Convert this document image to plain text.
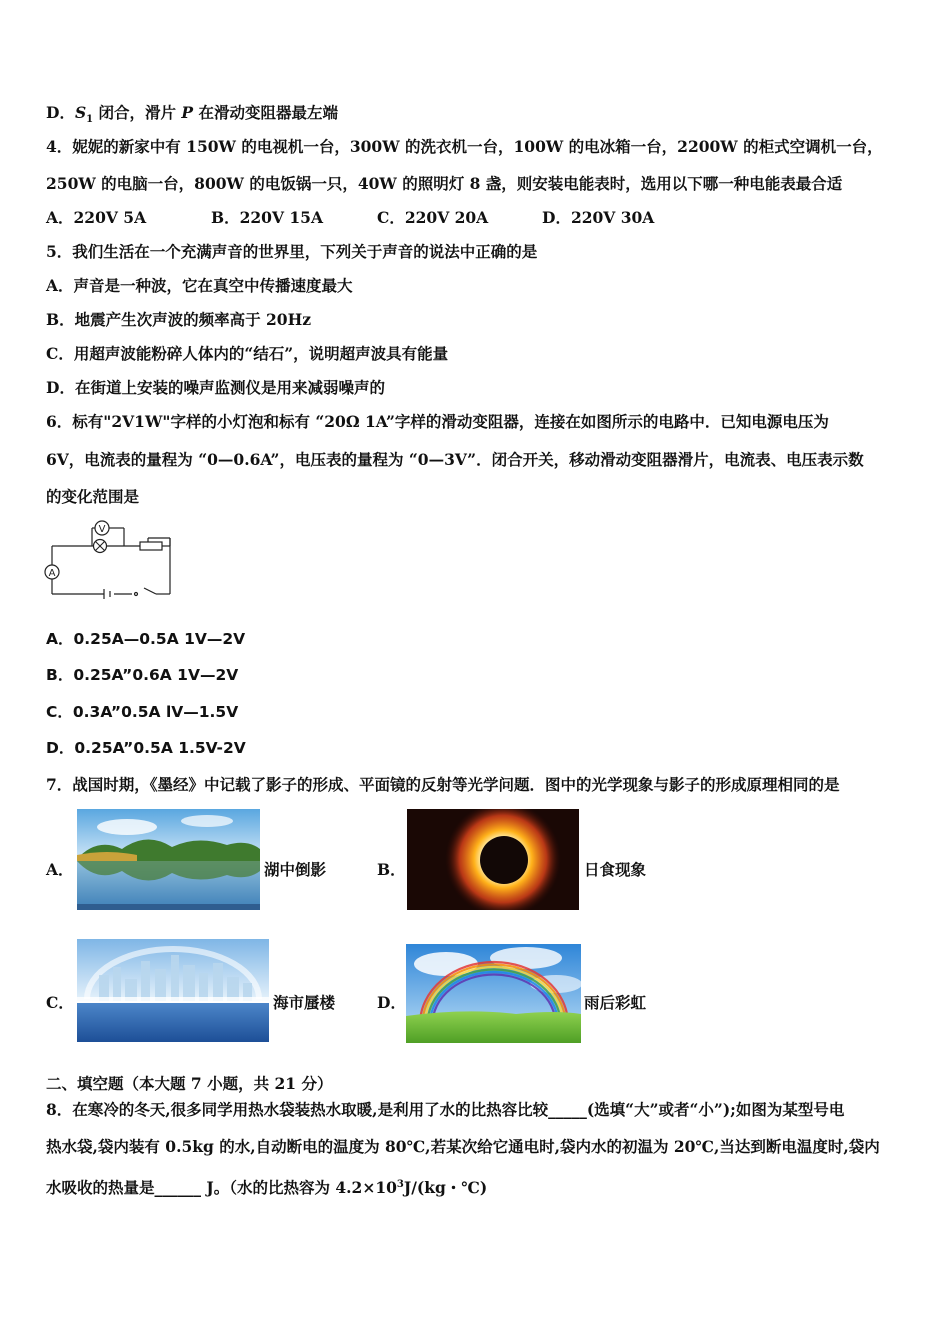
D．$S_1$ 闭合，滑片 P 在滑动变阻器最左端
4．妮妮的新家中有 150W 的电视机一台，300W 的洗衣机一台，100W 的电冰箱一台，2200W 的柜式空调机一台，
250W 的电脑一台，800W 的电饭锅一只，40W 的照明灯 8 盏，则安装电能表时，选用以下哪一种电能表最合适
A．220V 5A	B．220V 15A	C．220V 20A	D．220V 30A
5．我们生活在一个充满声音的世界里，下列关于声音的说法中正确的是
A．声音是一种波，它在真空中传播速度最大
B．地震产生次声波的频率高于 20Hz
C．用超声波能粉碎人体内的“结石”，说明超声波具有能量
D．在街道上安装的噪声监测仪是用来减弱噪声的
6．标有"2V1W"字样的小灯泡和标有 “20Ω 1A”字样的滑动变阻器，连接在如图所示的电路中．已知电源电压为
6V，电流表的量程为 “0—0.6A”，电压表的量程为 “0—3V”．闭合开关，移动滑动变阻器滑片，电流表、电压表示数
的变化范围是
V
A
A．0.25A—0.5A 1V—2V
B．0.25A”0.6A 1V—2V
C．0.3A”0.5A lV—1.5V
D．0.25A”0.5A 1.5V-2V
7．战国时期，《墨经》中记载了影子的形成、平面镜的反射等光学问题．图中的光学现象与影子的形成原理相同的是
A．	湖中倒影	B．	日食现象
C．	海市蜃楼	D．	雨后彩虹
二、填空题（本大题 7 小题，共 21 分）
8．在寒冷的冬天,很多同学用热水袋装热水取暖,是利用了水的比热容比较_____(选填“大”或者“小”);如图为某型号电
热水袋,袋内装有 0.5kg 的水,自动断电的温度为 80℃,若某次给它通电时,袋内水的初温为 20℃,当达到断电温度时,袋内
水吸收的热量是______ J。（水的比热容为 $4.2\times 10^3J/(kg$・℃)
